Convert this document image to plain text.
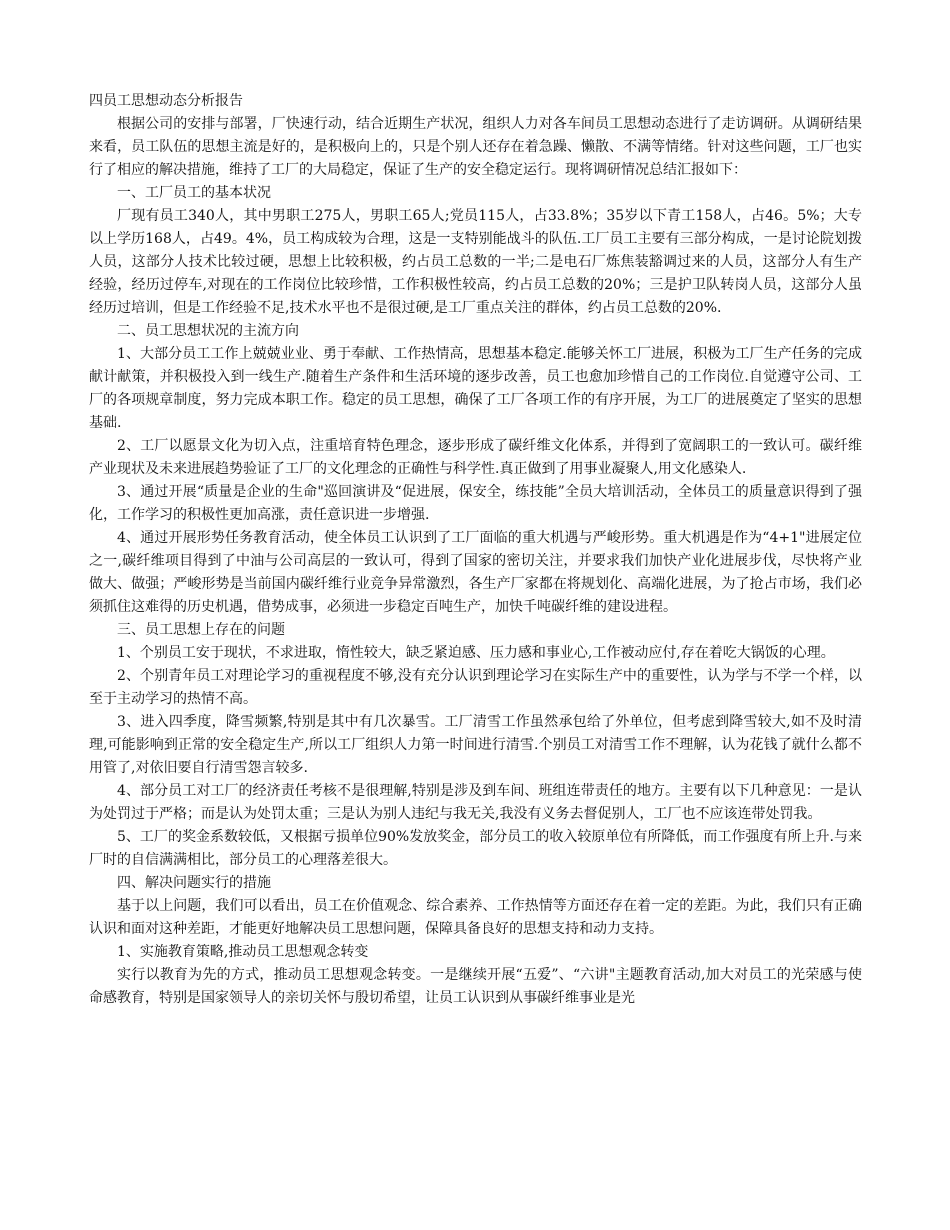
四员工思想动态分析报告

根据公司的安排与部署，厂快速行动，结合近期生产状况，组织人力对各车间员工思想动态进行了走访调研。从调研结果来看，员工队伍的思想主流是好的，是积极向上的，只是个别人还存在着急躁、懒散、不满等情绪。针对这些问题，工厂也实行了相应的解决措施，维持了工厂的大局稳定，保证了生产的安全稳定运行。现将调研情况总结汇报如下：

一、工厂员工的基本状况

厂现有员工340人，其中男职工275人，男职工65人;党员115人，占33.8%；35岁以下青工158人，占46。5%；大专以上学历168人，占49。4%，员工构成较为合理，这是一支特别能战斗的队伍.工厂员工主要有三部分构成，一是讨论院划拨人员，这部分人技术比较过硬，思想上比较积极，约占员工总数的一半;二是电石厂炼焦装豁调过来的人员，这部分人有生产经验，经历过停车,对现在的工作岗位比较珍惜，工作积极性较高，约占员工总数的20%；三是护卫队转岗人员，这部分人虽经历过培训，但是工作经验不足,技术水平也不是很过硬,是工厂重点关注的群体，约占员工总数的20%.

二、员工思想状况的主流方向

1、大部分员工工作上兢兢业业、勇于奉献、工作热情高，思想基本稳定.能够关怀工厂进展，积极为工厂生产任务的完成献计献策，并积极投入到一线生产.随着生产条件和生活环境的逐步改善，员工也愈加珍惜自己的工作岗位.自觉遵守公司、工厂的各项规章制度，努力完成本职工作。稳定的员工思想，确保了工厂各项工作的有序开展，为工厂的进展奠定了坚实的思想基础.

2、工厂以愿景文化为切入点，注重培育特色理念，逐步形成了碳纤维文化体系，并得到了宽阔职工的一致认可。碳纤维产业现状及未来进展趋势验证了工厂的文化理念的正确性与科学性.真正做到了用事业凝聚人,用文化感染人.

3、通过开展“质量是企业的生命"巡回演讲及“促进展，保安全，练技能”全员大培训活动，全体员工的质量意识得到了强化，工作学习的积极性更加高涨，责任意识进一步增强.

4、通过开展形势任务教育活动，使全体员工认识到了工厂面临的重大机遇与严峻形势。重大机遇是作为“4+1"进展定位之一,碳纤维项目得到了中油与公司高层的一致认可，得到了国家的密切关注，并要求我们加快产业化进展步伐，尽快将产业做大、做强；严峻形势是当前国内碳纤维行业竞争异常激烈，各生产厂家都在将规划化、高端化进展，为了抢占市场，我们必须抓住这难得的历史机遇，借势成事，必须进一步稳定百吨生产，加快千吨碳纤维的建设进程。

三、员工思想上存在的问题

1、个别员工安于现状，不求进取，惰性较大，缺乏紧迫感、压力感和事业心,工作被动应付,存在着吃大锅饭的心理。

2、个别青年员工对理论学习的重视程度不够,没有充分认识到理论学习在实际生产中的重要性，认为学与不学一个样，以至于主动学习的热情不高。

3、进入四季度，降雪频繁,特别是其中有几次暴雪。工厂清雪工作虽然承包给了外单位，但考虑到降雪较大,如不及时清理,可能影响到正常的安全稳定生产,所以工厂组织人力第一时间进行清雪.个别员工对清雪工作不理解，认为花钱了就什么都不用管了,对依旧要自行清雪怨言较多.

4、部分员工对工厂的经济责任考核不是很理解,特别是涉及到车间、班组连带责任的地方。主要有以下几种意见：一是认为处罚过于严格；而是认为处罚太重；三是认为别人违纪与我无关,我没有义务去督促别人，工厂也不应该连带处罚我。

5、工厂的奖金系数较低，又根据亏损单位90%发放奖金，部分员工的收入较原单位有所降低，而工作强度有所上升.与来厂时的自信满满相比，部分员工的心理落差很大。

四、解决问题实行的措施

基于以上问题，我们可以看出，员工在价值观念、综合素养、工作热情等方面还存在着一定的差距。为此，我们只有正确认识和面对这种差距，才能更好地解决员工思想问题，保障具备良好的思想支持和动力支持。

1、实施教育策略,推动员工思想观念转变

实行以教育为先的方式，推动员工思想观念转变。一是继续开展“五爱”、“六讲"主题教育活动,加大对员工的光荣感与使命感教育，特别是国家领导人的亲切关怀与殷切希望，让员工认识到从事碳纤维事业是光
